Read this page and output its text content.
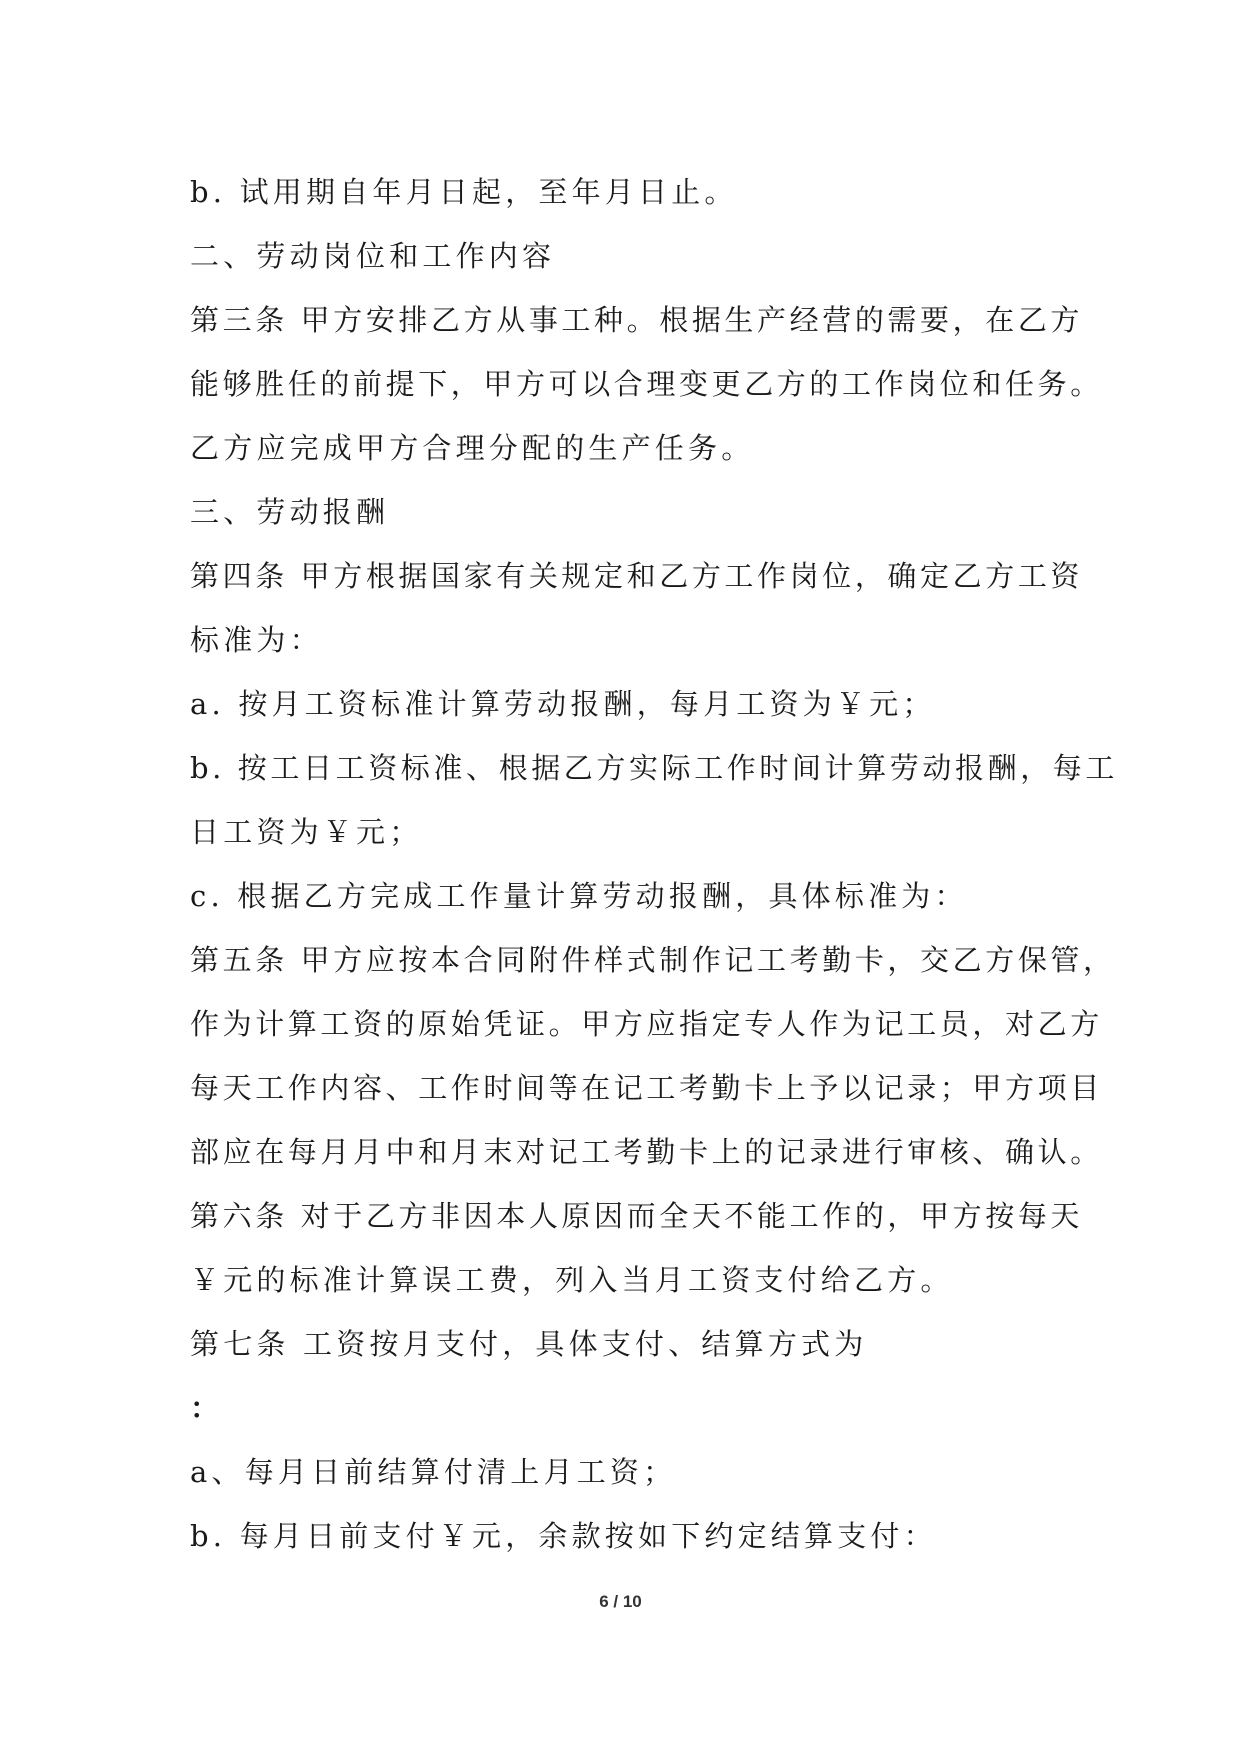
b. 试用期自年月日起，至年月日止。

二、劳动岗位和工作内容

第三条 甲方安排乙方从事工种。根据生产经营的需要，在乙方

能够胜任的前提下，甲方可以合理变更乙方的工作岗位和任务。

乙方应完成甲方合理分配的生产任务。

三、劳动报酬

第四条 甲方根据国家有关规定和乙方工作岗位，确定乙方工资

标准为：

a. 按月工资标准计算劳动报酬，每月工资为￥元；

b. 按工日工资标准、根据乙方实际工作时间计算劳动报酬，每工

日工资为￥元；

c. 根据乙方完成工作量计算劳动报酬，具体标准为：

第五条 甲方应按本合同附件样式制作记工考勤卡，交乙方保管，

作为计算工资的原始凭证。甲方应指定专人作为记工员，对乙方

每天工作内容、工作时间等在记工考勤卡上予以记录；甲方项目

部应在每月月中和月末对记工考勤卡上的记录进行审核、确认。

第六条 对于乙方非因本人原因而全天不能工作的，甲方按每天

￥元的标准计算误工费，列入当月工资支付给乙方。

第七条 工资按月支付，具体支付、结算方式为

：

a、每月日前结算付清上月工资；

b. 每月日前支付￥元，余款按如下约定结算支付：

6 / 10
